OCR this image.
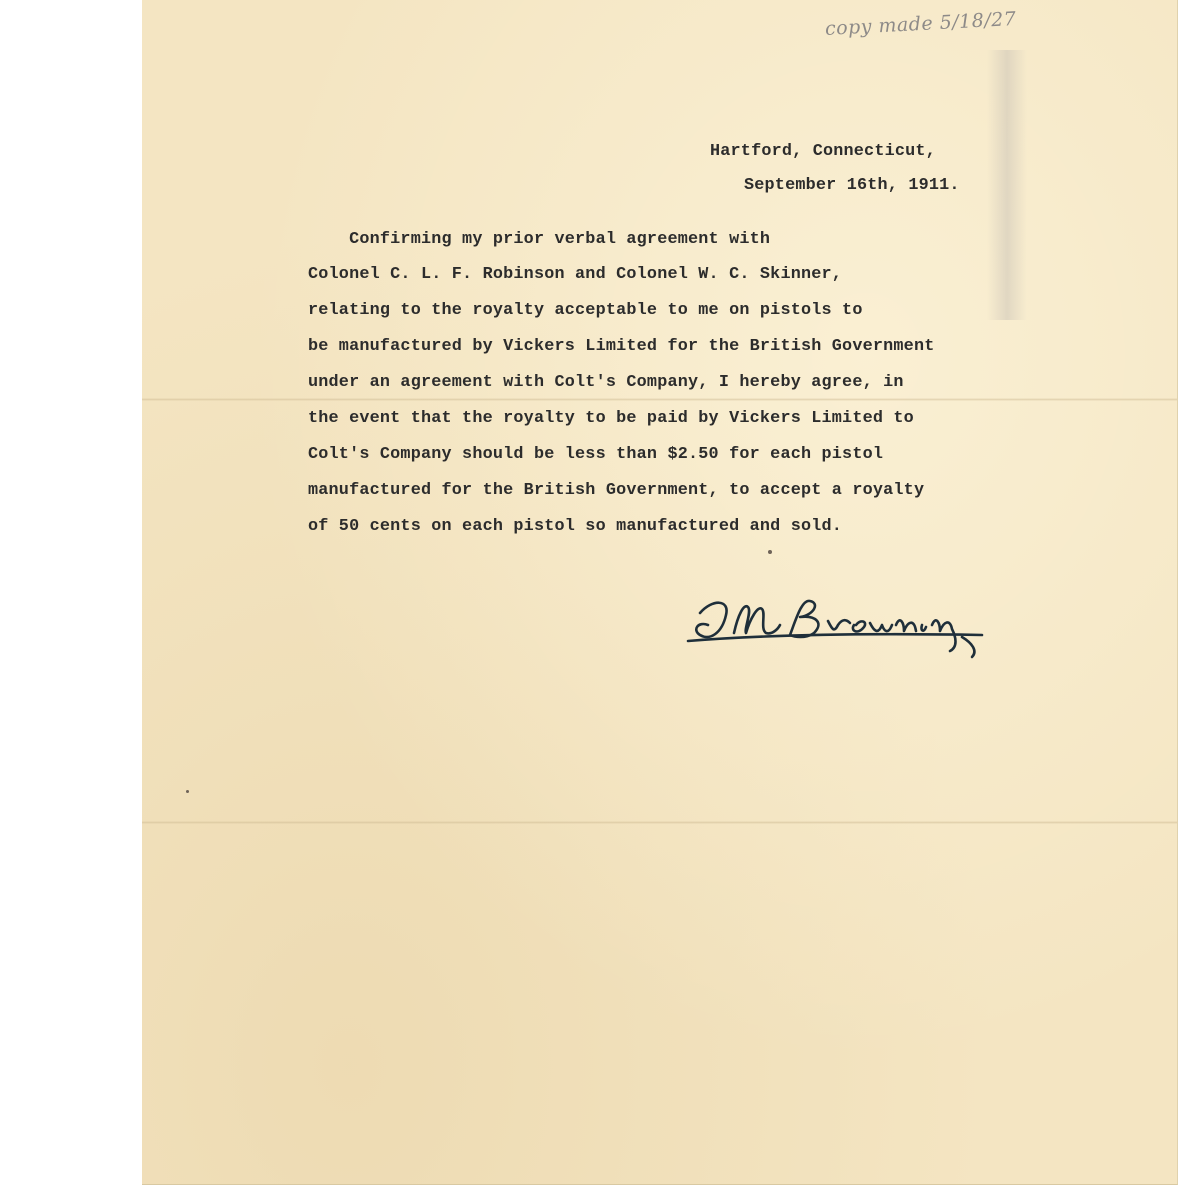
copy made 5/18/27
Hartford, Connecticut,
September 16th, 1911.
Confirming my prior verbal agreement with
Colonel C. L. F. Robinson and Colonel W. C. Skinner,
relating to the royalty acceptable to me on pistols to
be manufactured by Vickers Limited for the British Government
under an agreement with Colt's Company, I hereby agree, in
the event that the royalty to be paid by Vickers Limited to
Colt's Company should be less than $2.50 for each pistol
manufactured for the British Government, to accept a royalty
of 50 cents on each pistol so manufactured and sold.
